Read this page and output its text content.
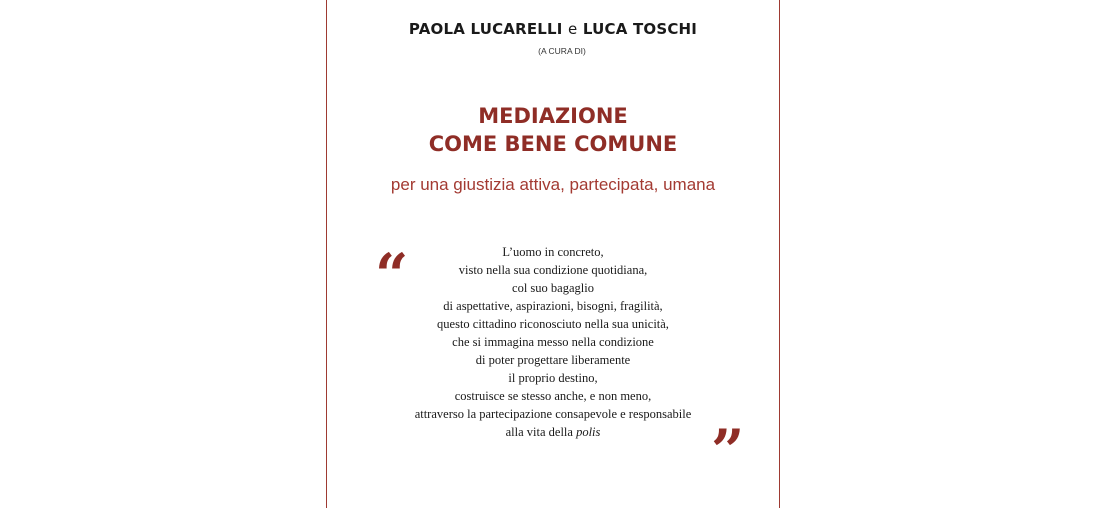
PAOLA LUCARELLI e LUCA TOSCHI
(A CURA DI)
MEDIAZIONE
COME BENE COMUNE
per una giustizia attiva, partecipata, umana
“
”
L’uomo in concreto,
visto nella sua condizione quotidiana,
col suo bagaglio
di aspettative, aspirazioni, bisogni, fragilità,
questo cittadino riconosciuto nella sua unicità,
che si immagina messo nella condizione
di poter progettare liberamente
il proprio destino,
costruisce se stesso anche, e non meno,
attraverso la partecipazione consapevole e responsabile
alla vita della polis
